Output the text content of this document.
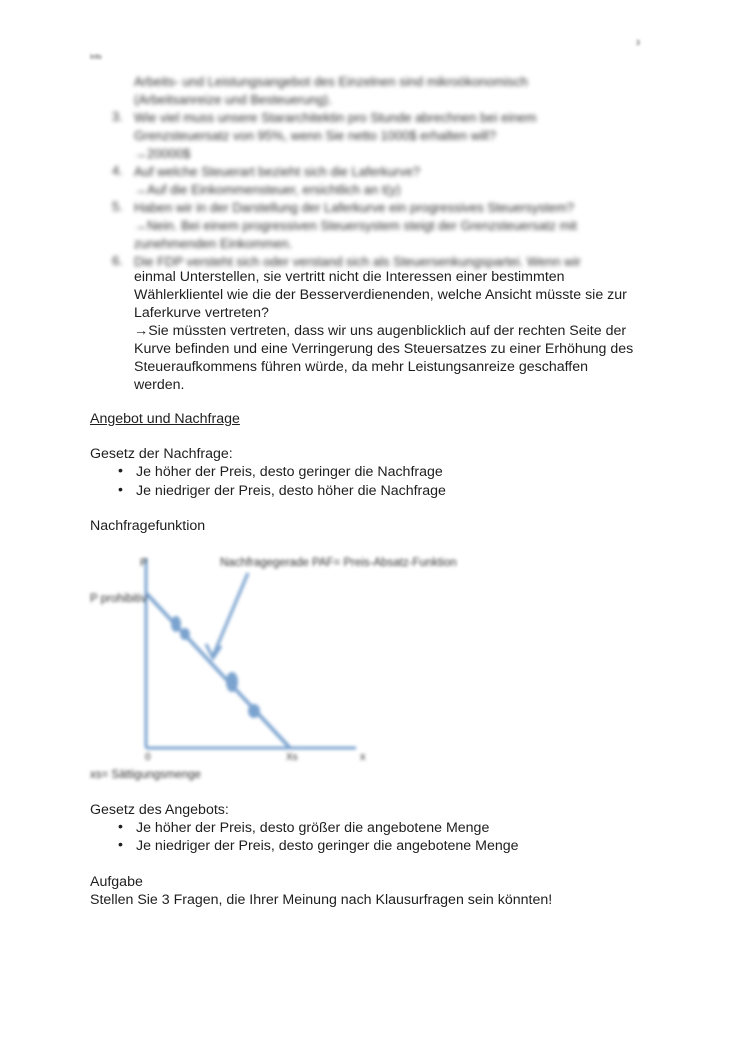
Info
3
Arbeits- und Leistungsangebot des Einzelnen sind mikroökonomisch
(Arbeitsanreize und Besteuerung).
3. Wie viel muss unsere Stararchitektin pro Stunde abrechnen bei einem
Grenzsteuersatz von 95%, wenn Sie netto 1000$ erhalten will?
→20000$
4. Auf welche Steuerart bezieht sich die Laferkurve?
→Auf die Einkommensteuer, ersichtlich an t(y)
5. Haben wir in der Darstellung der Laferkurve ein progressives Steuersystem?
→Nein. Bei einem progressiven Steuersystem steigt der Grenzsteuersatz mit
zunehmenden Einkommen.
6. Die FDP versteht sich oder verstand sich als Steuersenkungspartei. Wenn wir
einmal Unterstellen, sie vertritt nicht die Interessen einer bestimmten
Wählerklientel wie die der Besserverdienenden, welche Ansicht müsste sie zur
Laferkurve vertreten?
→Sie müssten vertreten, dass wir uns augenblicklich auf der rechten Seite der
Kurve befinden und eine Verringerung des Steuersatzes zu einer Erhöhung des
Steueraufkommens führen würde, da mehr Leistungsanreize geschaffen
werden.
Angebot und Nachfrage
Gesetz der Nachfrage:
• Je höher der Preis, desto geringer die Nachfrage
• Je niedriger der Preis, desto höher die Nachfrage
Nachfragefunktion
P
x
0	Xs
P prohibitiv
Nachfragegerade PAF= Preis-Absatz-Funktion
xs= Sättigungsmenge
Gesetz des Angebots:
• Je höher der Preis, desto größer die angebotene Menge
• Je niedriger der Preis, desto geringer die angebotene Menge
Aufgabe
Stellen Sie 3 Fragen, die Ihrer Meinung nach Klausurfragen sein könnten!
